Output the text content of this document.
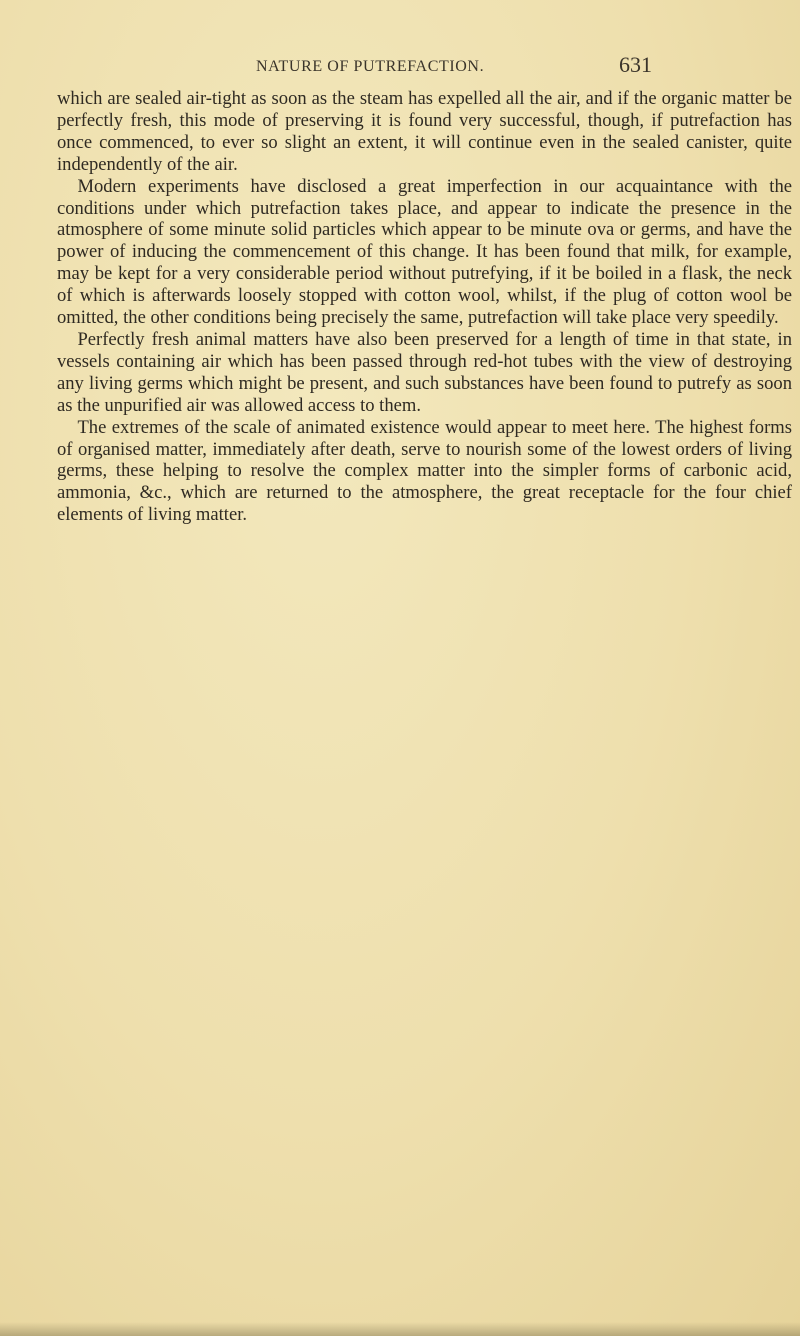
NATURE OF PUTREFACTION.	631

which are sealed air-tight as soon as the steam has expelled all the air, and if the organic matter be perfectly fresh, this mode of preserving it is found very successful, though, if putrefaction has once commenced, to ever so slight an extent, it will continue even in the sealed canister, quite independently of the air.

Modern experiments have disclosed a great imperfection in our acquaintance with the conditions under which putrefaction takes place, and appear to indicate the presence in the atmosphere of some minute solid particles which appear to be minute ova or germs, and have the power of inducing the commencement of this change. It has been found that milk, for example, may be kept for a very considerable period without putrefying, if it be boiled in a flask, the neck of which is afterwards loosely stopped with cotton wool, whilst, if the plug of cotton wool be omitted, the other conditions being precisely the same, putrefaction will take place very speedily.

Perfectly fresh animal matters have also been preserved for a length of time in that state, in vessels containing air which has been passed through red-hot tubes with the view of destroying any living germs which might be present, and such substances have been found to putrefy as soon as the unpurified air was allowed access to them.

The extremes of the scale of animated existence would appear to meet here. The highest forms of organised matter, immediately after death, serve to nourish some of the lowest orders of living germs, these helping to resolve the complex matter into the simpler forms of carbonic acid, ammonia, &c., which are returned to the atmosphere, the great receptacle for the four chief elements of living matter.
